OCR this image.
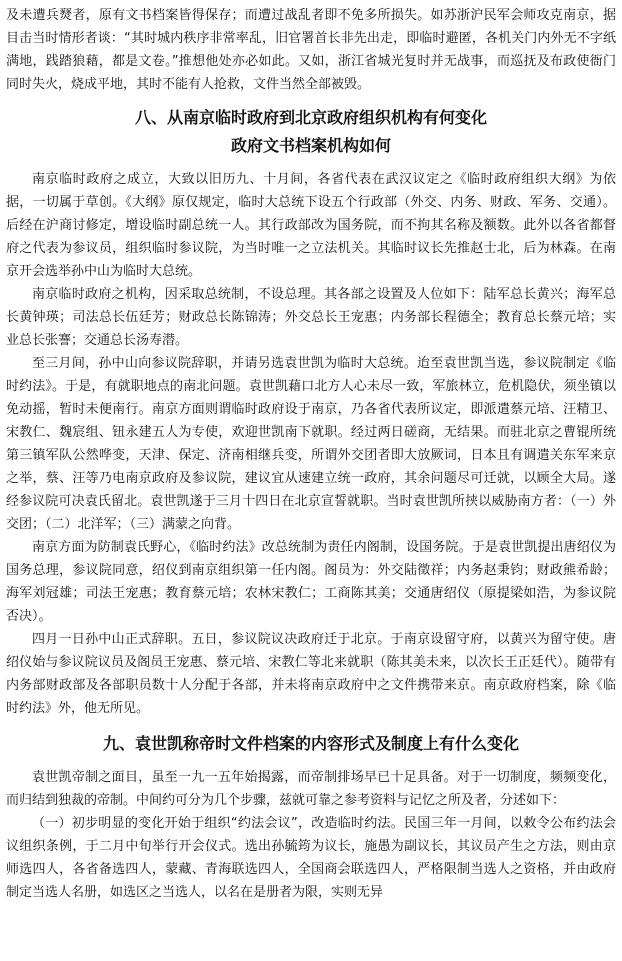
及未遭兵燹者，原有文书档案皆得保存；而遭过战乱者即不免多所损失。如苏浙沪民军会师攻克南京，据目击当时情形者谈：“其时城内秩序非常率乱，旧官署首长非先出走，即临时避匿，各机关门内外无不字纸满地，践踏狼藉，都是文卷。”推想他处亦必如此。又如，浙江省城光复时并无战事，而巡抚及布政使衙门同时失火，烧成平地，其时不能有人抢救，文件当然全部被毁。

八、从南京临时政府到北京政府组织机构有何变化
政府文书档案机构如何

南京临时政府之成立，大致以旧历九、十月间，各省代表在武汉议定之《临时政府组织大纲》为依据，一切属于草创。《大纲》原仅规定，临时大总统下设五个行政部（外交、内务、财政、军务、交通）。后经在沪商讨修定，增设临时副总统一人。其行政部改为国务院，而不拘其名称及额数。此外以各省都督府之代表为参议员，组织临时参议院，为当时唯一之立法机关。其临时议长先推赵士北，后为林森。在南京开会选举孙中山为临时大总统。

南京临时政府之机构，因采取总统制，不设总理。其各部之设置及人位如下：陆军总长黄兴；海军总长黄钟瑛；司法总长伍廷芳；财政总长陈锦涛；外交总长王宠惠；内务部长程德全；教育总长蔡元培；实业总长张謇；交通总长汤寿潜。

至三月间，孙中山向参议院辞职，并请另选袁世凯为临时大总统。迨至袁世凯当选，参议院制定《临时约法》。于是，有就职地点的南北问题。袁世凯藉口北方人心未尽一致，军旅林立，危机隐伏，须坐镇以免动摇，暂时未便南行。南京方面则谓临时政府设于南京，乃各省代表所议定，即派遣蔡元培、汪精卫、宋教仁、魏宸组、钮永建五人为专使，欢迎世凯南下就职。经过两日磋商，无结果。而驻北京之曹锟所统第三镇军队公然哗变，天津、保定、济南相继兵变，所谓外交团者即大放厥词，日本且有调遣关东军来京之举，蔡、汪等乃电南京政府及参议院，建议宜从速建立统一政府，其余问题尽可迁就，以顾全大局。遂经参议院可决袁氏留北。袁世凯遂于三月十四日在北京宣誓就职。当时袁世凯所挟以威胁南方者：（一）外交团；（二）北洋军；（三）满蒙之向背。

南京方面为防制袁氏野心，《临时约法》改总统制为责任内阁制，设国务院。于是袁世凯提出唐绍仪为国务总理，参议院同意，绍仪到南京组织第一任内阁。阁员为：外交陆徵祥；内务赵秉钧；财政熊希龄；海军刘冠雄；司法王宠惠；教育蔡元培；农林宋教仁；工商陈其美；交通唐绍仪（原提梁如浩，为参议院否决）。

四月一日孙中山正式辞职。五日，参议院议决政府迁于北京。于南京设留守府，以黄兴为留守使。唐绍仪始与参议院议员及阁员王宠惠、蔡元培、宋教仁等北来就职（陈其美未来，以次长王正廷代）。随带有内务部财政部及各部职员数十人分配于各部，并未将南京政府中之文件携带来京。南京政府档案，除《临时约法》外，他无所见。

九、袁世凯称帝时文件档案的内容形式及制度上有什么变化

袁世凯帝制之面目，虽至一九一五年始揭露，而帝制排场早已十足具备。对于一切制度，频频变化，而归结到独裁的帝制。中间约可分为几个步骤，兹就可靠之参考资料与记忆之所及者，分述如下：

（一）初步明显的变化开始于组织“约法会议”，改造临时约法。民国三年一月间，以敕令公布约法会议组织条例，于二月中旬举行开会仪式。选出孙毓筠为议长，施愚为副议长，其议员产生之方法，则由京师选四人，各省备选四人，蒙藏、青海联选四人，全国商会联选四人，严格限制当选人之资格，并由政府制定当选人名册，如选区之当选人，以名在是册者为限，实则无异
